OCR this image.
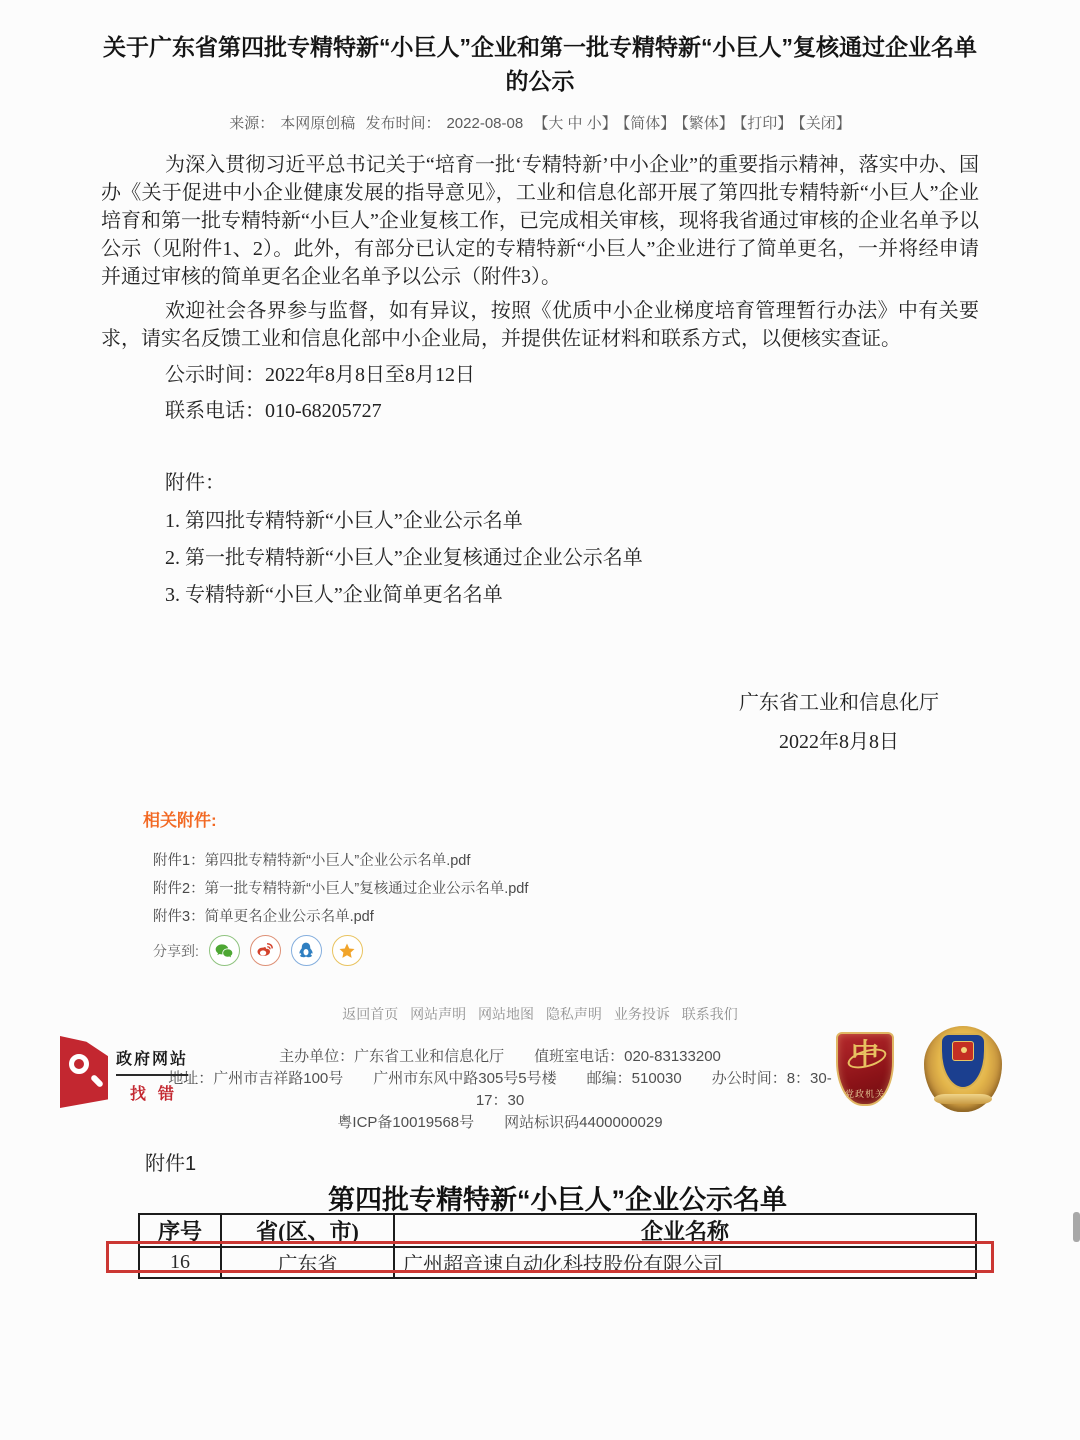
关于广东省第四批专精特新“小巨人”企业和第一批专精特新“小巨人”复核通过企业名单的公示
来源： 本网原创稿 发布时间： 2022-08-08 【大 中 小】 【简体】 【繁体】 【打印】 【关闭】

为深入贯彻习近平总书记关于“培育一批‘专精特新’中小企业”的重要指示精神，落实中办、国办《关于促进中小企业健康发展的指导意见》，工业和信息化部开展了第四批专精特新“小巨人”企业培育和第一批专精特新“小巨人”企业复核工作，已完成相关审核，现将我省通过审核的企业名单予以公示（见附件1、2）。此外，有部分已认定的专精特新“小巨人”企业进行了简单更名，一并将经申请并通过审核的简单更名企业名单予以公示（附件3）。

欢迎社会各界参与监督，如有异议，按照《优质中小企业梯度培育管理暂行办法》中有关要求，请实名反馈工业和信息化部中小企业局，并提供佐证材料和联系方式，以便核实查证。

公示时间：2022年8月8日至8月12日

联系电话：010-68205727

附件：

1. 第四批专精特新“小巨人”企业公示名单

2. 第一批专精特新“小巨人”企业复核通过企业公示名单

3. 专精特新“小巨人”企业简单更名名单

广东省工业和信息化厅

2022年8月8日

相关附件:

附件1：第四批专精特新“小巨人”企业公示名单.pdf

附件2：第一批专精特新“小巨人”复核通过企业公示名单.pdf

附件3：简单更名企业公示名单.pdf

分享到:
返回首页 网站声明 网站地图 隐私声明 业务投诉 联系我们

主办单位：广东省工业和信息化厅　　值班室电话：020-83133200

地址：广州市吉祥路100号　　广州市东风中路305号5号楼　　邮编：510030　　办公时间：8：30-17：30

粤ICP备10019568号　　网站标识码4400000029

政府网站
找错
中
党政机关

附件1

第四批专精特新“小巨人”企业公示名单
序号	省(区、市)	企业名称
16	广东省	广州超音速自动化科技股份有限公司
